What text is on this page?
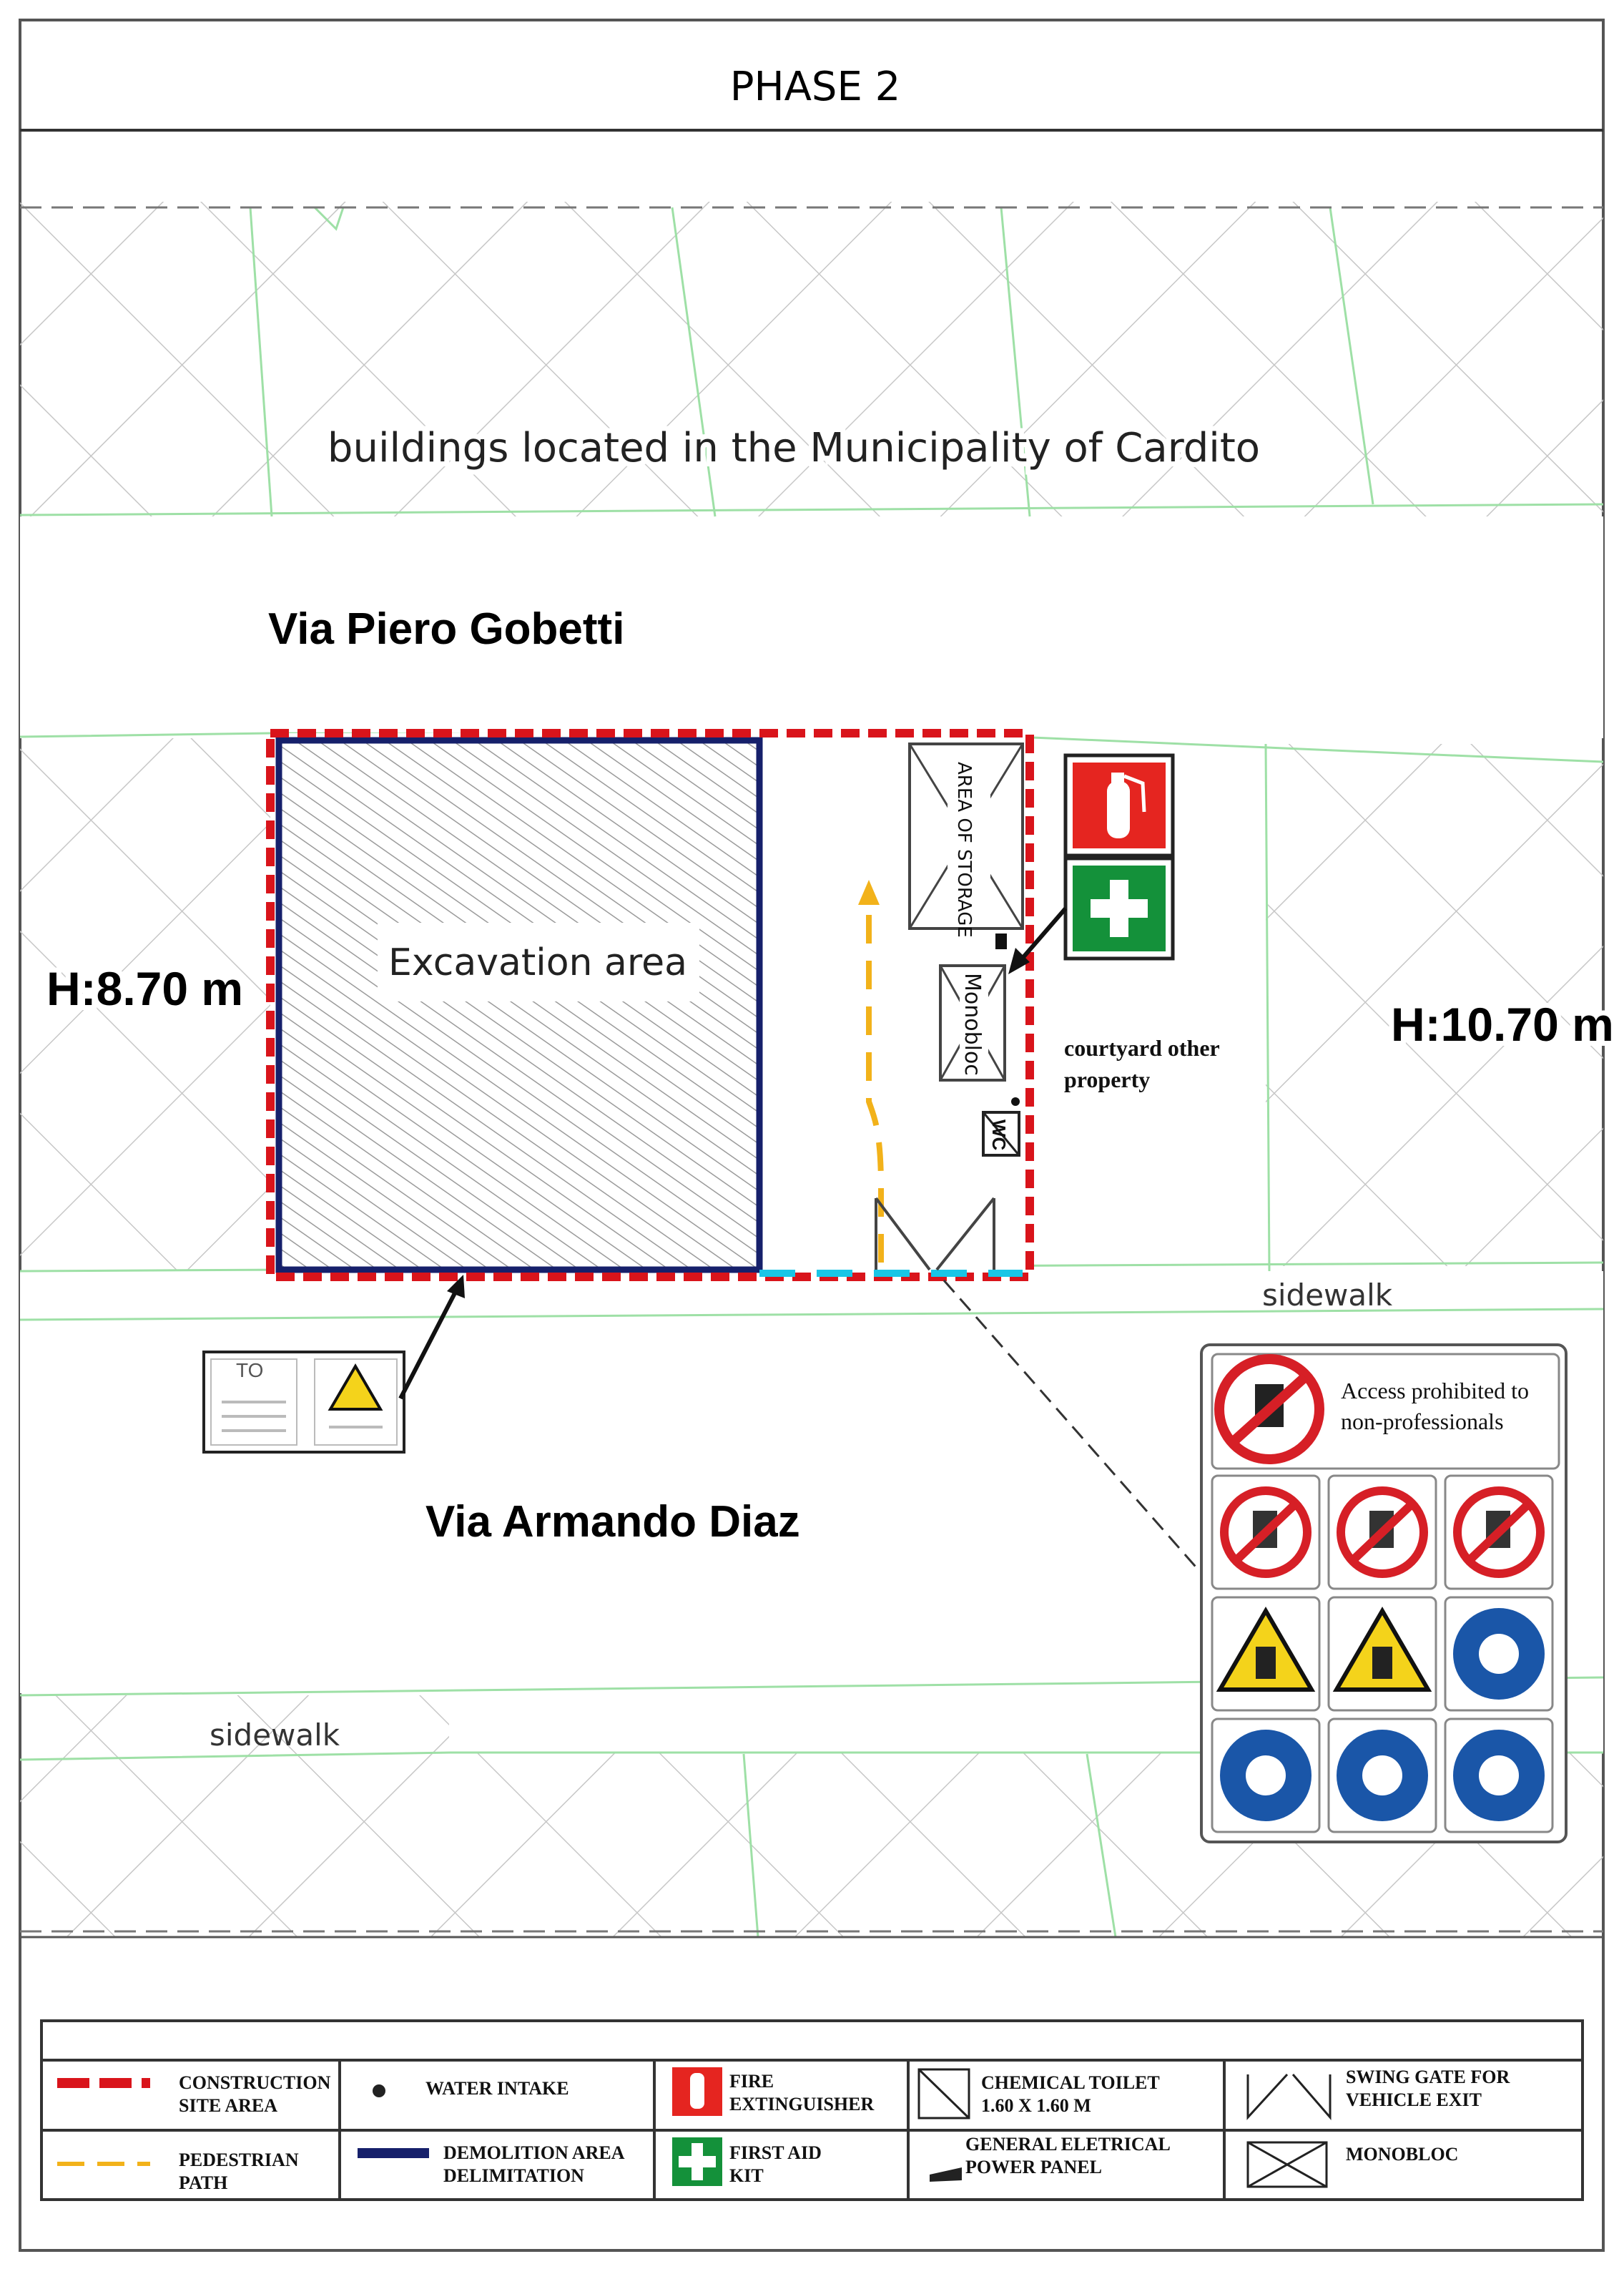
PHASE 2
buildings located in the Municipality of Cardito
Via Piero Gobetti
Via Armando Diaz
H:8.70 m
H:10.70 m
courtyard other property
sidewalk
sidewalk
Excavation area
AREA OF STORAGE
Monobloc
WC
TO
Access prohibited to non-professionals
CONSTRUCTION SITE AREA
WATER INTAKE	FIRE EXTINGUISHER
CHEMICAL TOILET 1.60 X 1.60 M
SWING GATE FOR VEHICLE EXIT
PEDESTRIAN PATH
DEMOLITION AREA DELIMITATION
FIRST AID KIT
GENERAL ELETRICAL POWER PANEL
MONOBLOC
